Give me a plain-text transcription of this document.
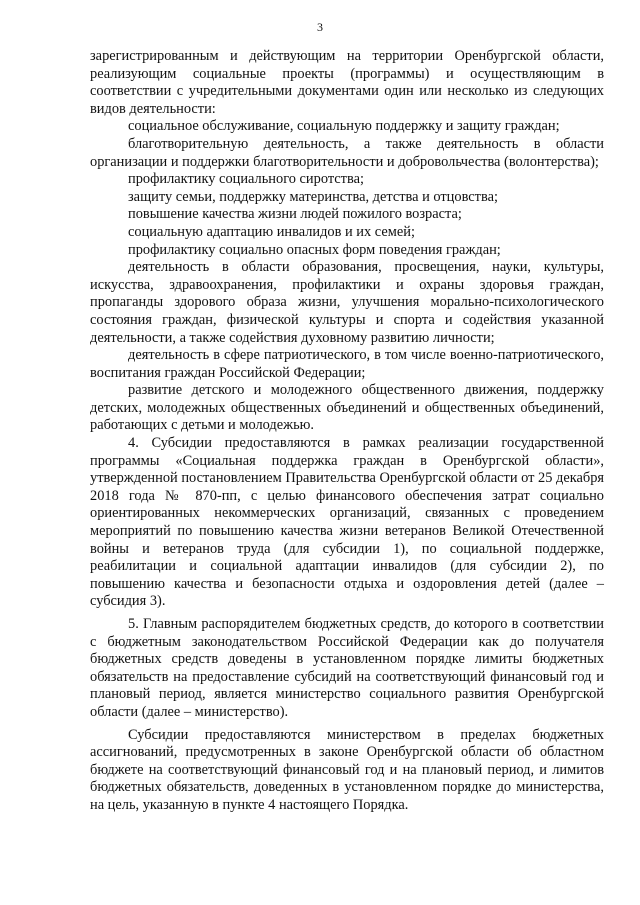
3

зарегистрированным и действующим на территории Оренбургской области, реализующим социальные проекты (программы) и осуществляющим в соответствии с учредительными документами один или несколько из следующих видов деятельности:

социальное обслуживание, социальную поддержку и защиту граждан;

благотворительную деятельность, а также деятельность в области организации и поддержки благотворительности и добровольчества (волонтерства);

профилактику социального сиротства;

защиту семьи, поддержку материнства, детства и отцовства;

повышение качества жизни людей пожилого возраста;

социальную адаптацию инвалидов и их семей;

профилактику социально опасных форм поведения граждан;

деятельность в области образования, просвещения, науки, культуры, искусства, здравоохранения, профилактики и охраны здоровья граждан, пропаганды здорового образа жизни, улучшения морально-психологического состояния граждан, физической культуры и спорта и содействия указанной деятельности, а также содействия духовному развитию личности;

деятельность в сфере патриотического, в том числе военно-патриотического, воспитания граждан Российской Федерации;

развитие детского и молодежного общественного движения, поддержку детских, молодежных общественных объединений и общественных объединений, работающих с детьми и молодежью.

4. Субсидии предоставляются в рамках реализации государственной программы «Социальная поддержка граждан в Оренбургской области», утвержденной постановлением Правительства Оренбургской области от 25 декабря 2018 года № 870-пп, с целью финансового обеспечения затрат социально ориентированных некоммерческих организаций, связанных с проведением мероприятий по повышению качества жизни ветеранов Великой Отечественной войны и ветеранов труда (для субсидии 1), по социальной поддержке, реабилитации и социальной адаптации инвалидов (для субсидии 2), по повышению качества и безопасности отдыха и оздоровления детей (далее – субсидия 3).

5. Главным распорядителем бюджетных средств, до которого в соответствии с бюджетным законодательством Российской Федерации как до получателя бюджетных средств доведены в установленном порядке лимиты бюджетных обязательств на предоставление субсидий на соответствующий финансовый год и плановый период, является министерство социального развития Оренбургской области (далее – министерство).

Субсидии предоставляются министерством в пределах бюджетных ассигнований, предусмотренных в законе Оренбургской области об областном бюджете на соответствующий финансовый год и на плановый период, и лимитов бюджетных обязательств, доведенных в установленном порядке до министерства, на цель, указанную в пункте 4 настоящего Порядка.
